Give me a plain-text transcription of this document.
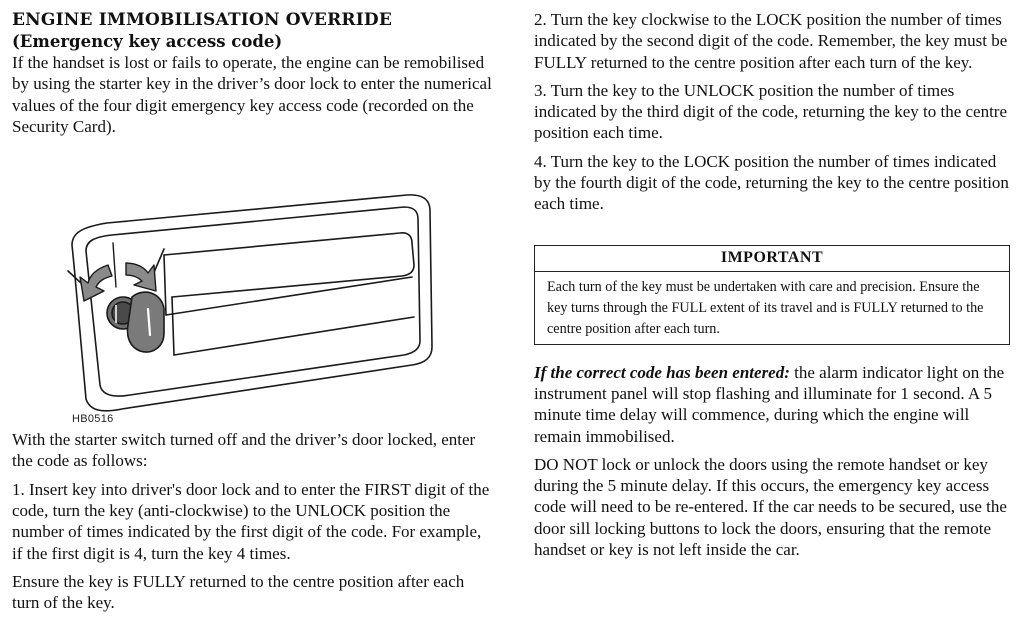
ENGINE IMMOBILISATION OVERRIDE
(Emergency key access code)

If the handset is lost or fails to operate, the engine can be remobilised by using the starter key in the driver’s door lock to enter the numerical values of the four digit emergency key access code (recorded on the Security Card).

HB0516

With the starter switch turned off and the driver’s door locked, enter the code as follows:

1. Insert key into driver's door lock and to enter the FIRST digit of the code, turn the key (anti-clockwise) to the UNLOCK position the number of times indicated by the first digit of the code. For example, if the first digit is 4, turn the key 4 times.

Ensure the key is FULLY returned to the centre position after each turn of the key.

2. Turn the key clockwise to the LOCK position the number of times indicated by the second digit of the code. Remember, the key must be FULLY returned to the centre position after each turn of the key.

3. Turn the key to the UNLOCK position the number of times indicated by the third digit of the code, returning the key to the centre position each time.

4. Turn the key to the LOCK position the number of times indicated by the fourth digit of the code, returning the key to the centre position each time.

IMPORTANT
Each turn of the key must be undertaken with care and precision. Ensure the key turns through the FULL extent of its travel and is FULLY returned to the centre position after each turn.

If the correct code has been entered: the alarm indicator light on the instrument panel will stop flashing and illuminate for 1 second. A 5 minute time delay will commence, during which the engine will remain immobilised.

DO NOT lock or unlock the doors using the remote handset or key during the 5 minute delay. If this occurs, the emergency key access code will need to be re-entered. If the car needs to be secured, use the door sill locking buttons to lock the doors, ensuring that the remote handset or key is not left inside the car.
